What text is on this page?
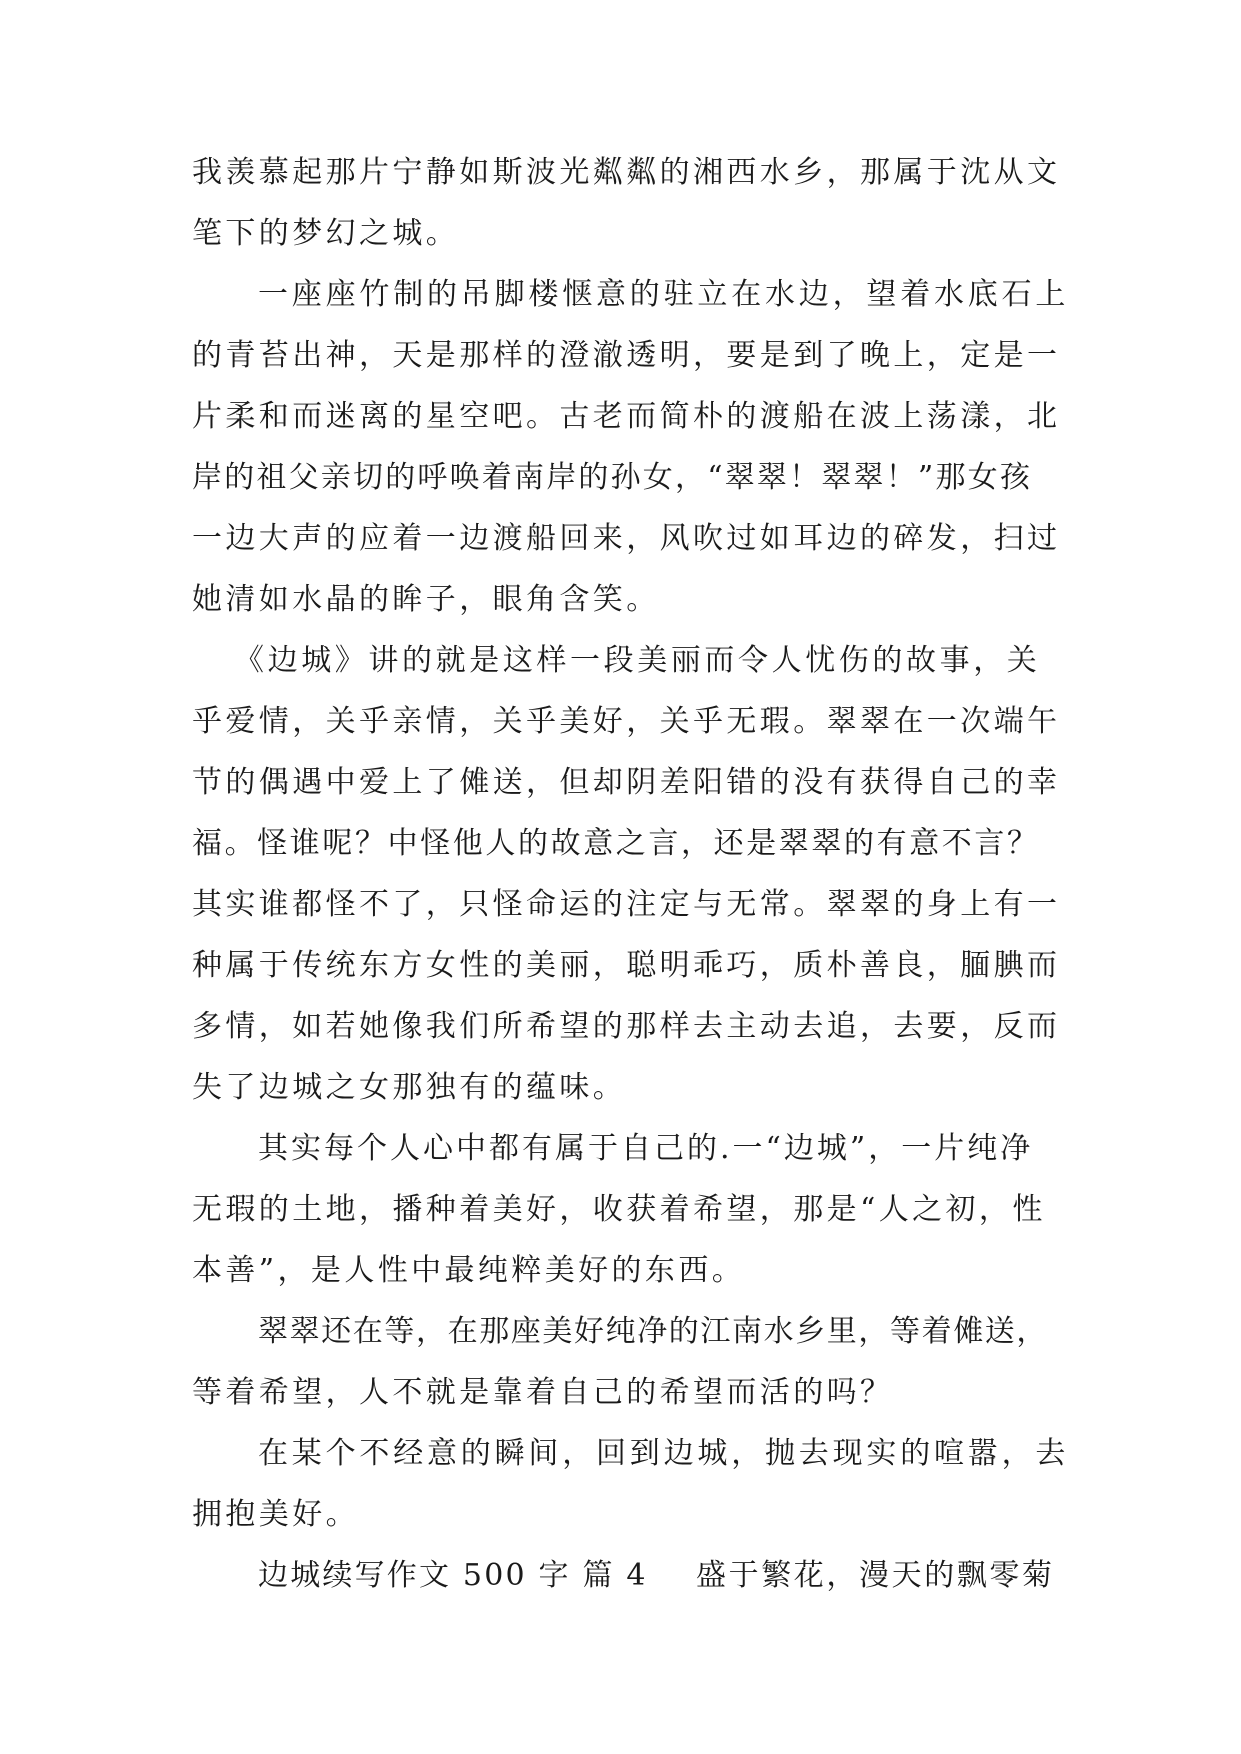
我羡慕起那片宁静如斯波光粼粼的湘西水乡，那属于沈从文
笔下的梦幻之城。
一座座竹制的吊脚楼惬意的驻立在水边，望着水底石上
的青苔出神，天是那样的澄澈透明，要是到了晚上，定是一
片柔和而迷离的星空吧。古老而简朴的渡船在波上荡漾，北
岸的祖父亲切的呼唤着南岸的孙女，“翠翠！翠翠！”那女孩
一边大声的应着一边渡船回来，风吹过如耳边的碎发，扫过
她清如水晶的眸子，眼角含笑。
《边城》讲的就是这样一段美丽而令人忧伤的故事，关
乎爱情，关乎亲情，关乎美好，关乎无瑕。翠翠在一次端午
节的偶遇中爱上了傩送，但却阴差阳错的没有获得自己的幸
福。怪谁呢？中怪他人的故意之言，还是翠翠的有意不言？
其实谁都怪不了，只怪命运的注定与无常。翠翠的身上有一
种属于传统东方女性的美丽，聪明乖巧，质朴善良，腼腆而
多情，如若她像我们所希望的那样去主动去追，去要，反而
失了边城之女那独有的蕴味。
其实每个人心中都有属于自己的.一“边城”，一片纯净
无瑕的土地，播种着美好，收获着希望，那是“人之初，性
本善”，是人性中最纯粹美好的东西。
翠翠还在等，在那座美好纯净的江南水乡里，等着傩送，
等着希望，人不就是靠着自己的希望而活的吗？
在某个不经意的瞬间，回到边城，抛去现实的喧嚣，去
拥抱美好。
边城续写作文 500 字 篇 4 盛于繁花，漫天的飘零菊
